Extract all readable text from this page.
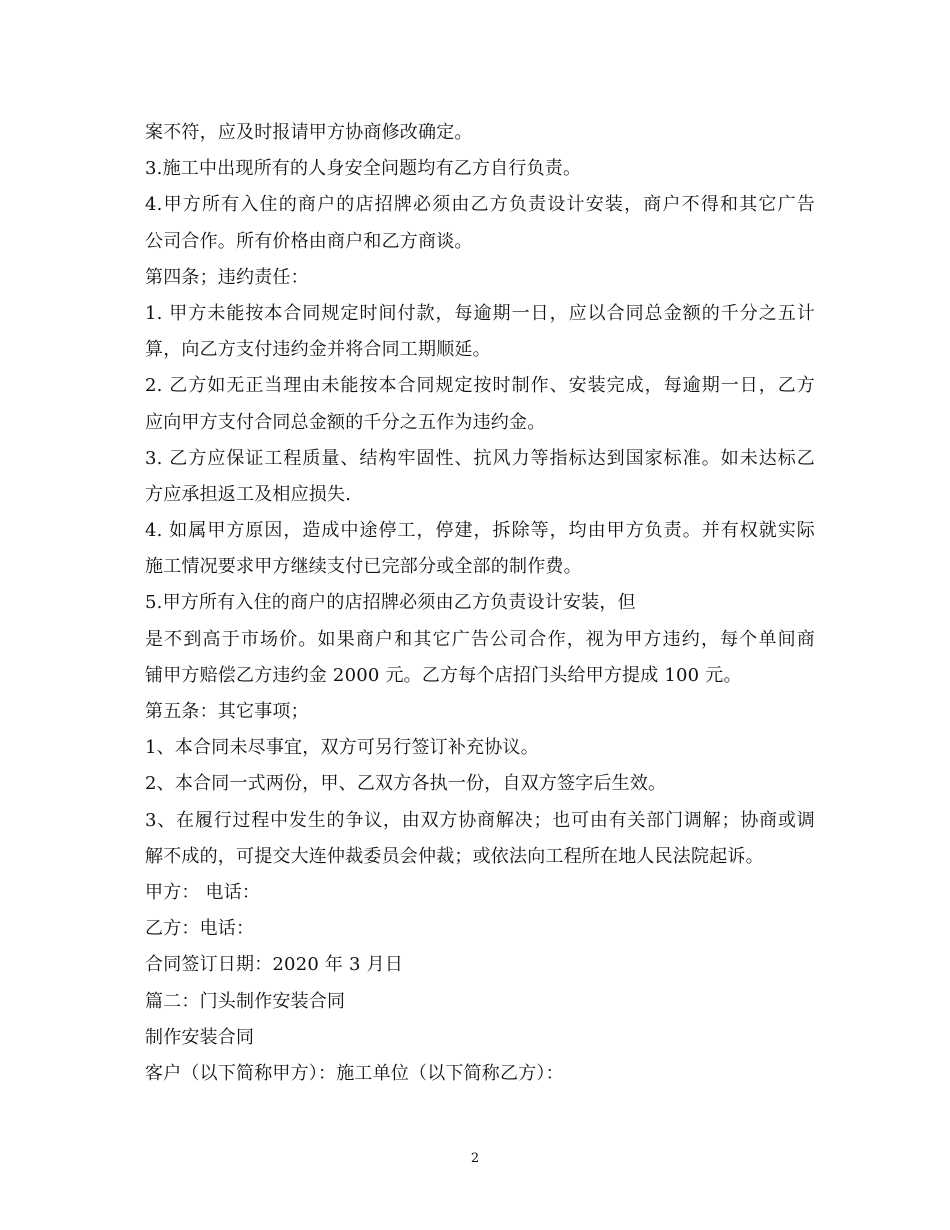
案不符，应及时报请甲方协商修改确定。
3.施工中出现所有的人身安全问题均有乙方自行负责。
4.甲方所有入住的商户的店招牌必须由乙方负责设计安装，商户不得和其它广告
公司合作。所有价格由商户和乙方商谈。
第四条；违约责任：
1. 甲方未能按本合同规定时间付款，每逾期一日，应以合同总金额的千分之五计
算，向乙方支付违约金并将合同工期顺延。
2. 乙方如无正当理由未能按本合同规定按时制作、安装完成，每逾期一日，乙方
应向甲方支付合同总金额的千分之五作为违约金。
3. 乙方应保证工程质量、结构牢固性、抗风力等指标达到国家标准。如未达标乙
方应承担返工及相应损失.
4. 如属甲方原因，造成中途停工，停建，拆除等，均由甲方负责。并有权就实际
施工情况要求甲方继续支付已完部分或全部的制作费。
5.甲方所有入住的商户的店招牌必须由乙方负责设计安装，但
是不到高于市场价。如果商户和其它广告公司合作，视为甲方违约，每个单间商
铺甲方赔偿乙方违约金 2000 元。乙方每个店招门头给甲方提成 100 元。
第五条：其它事项；
1、本合同未尽事宜，双方可另行签订补充协议。
2、本合同一式两份，甲、乙双方各执一份，自双方签字后生效。
3、在履行过程中发生的争议，由双方协商解决；也可由有关部门调解；协商或调
解不成的，可提交大连仲裁委员会仲裁；或依法向工程所在地人民法院起诉。
甲方： 电话：
乙方：电话：
合同签订日期：2020 年 3 月日
篇二：门头制作安装合同
制作安装合同
客户（以下简称甲方）：施工单位（以下简称乙方）：
2
